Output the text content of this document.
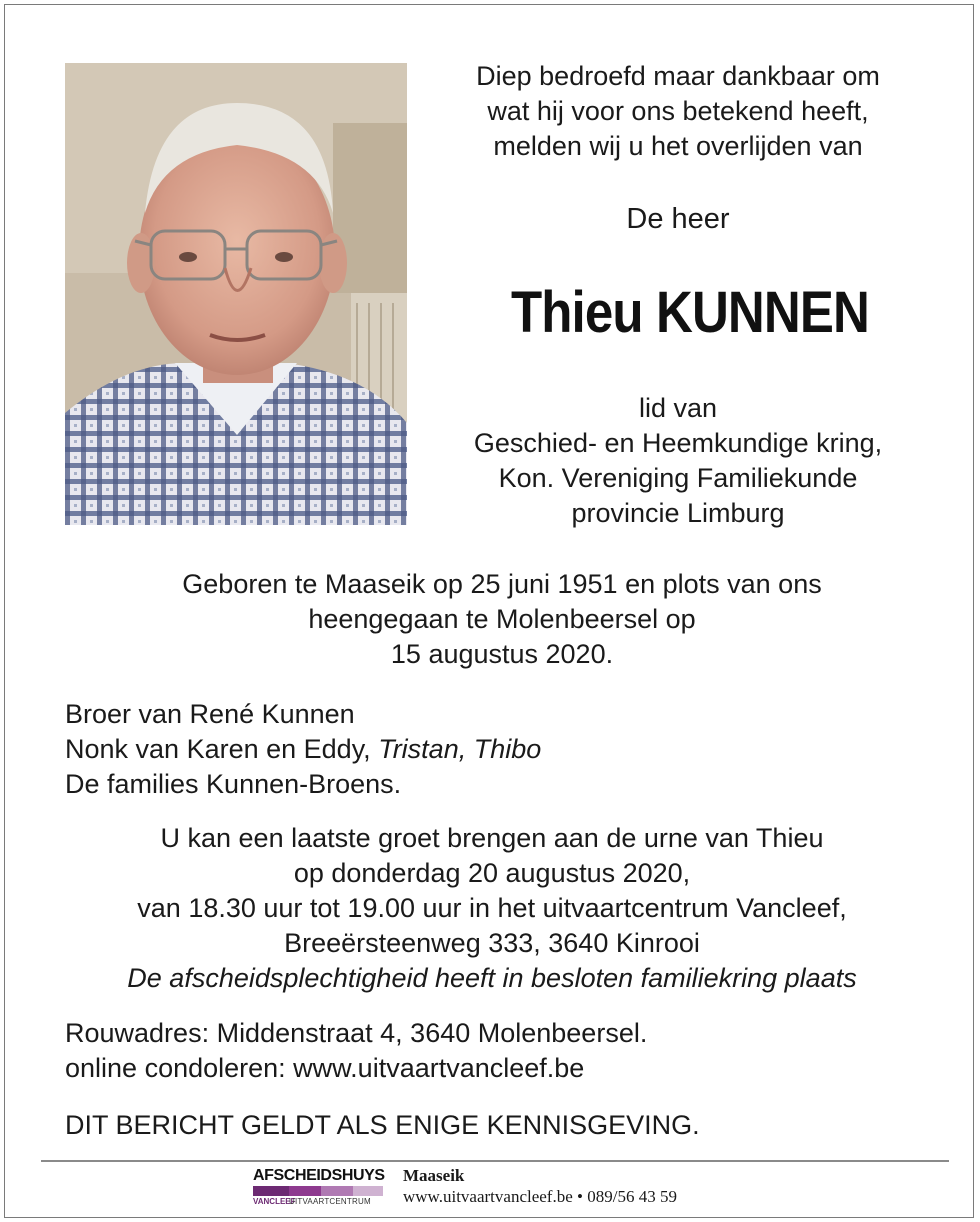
Diep bedroefd maar dankbaar om
wat hij voor ons betekend heeft,
melden wij u het overlijden van
De heer
Thieu KUNNEN
lid van
Geschied- en Heemkundige kring,
Kon. Vereniging Familiekunde
provincie Limburg
Geboren te Maaseik op 25 juni 1951 en plots van ons
heengegaan te Molenbeersel op
15 augustus 2020.
Broer van René Kunnen
Nonk van Karen en Eddy, Tristan, Thibo
De families Kunnen-Broens.
U kan een laatste groet brengen aan de urne van Thieu
op donderdag 20 augustus 2020,
van 18.30 uur tot 19.00 uur in het uitvaartcentrum Vancleef,
Breeërsteenweg 333, 3640 Kinrooi
De afscheidsplechtigheid heeft in besloten familiekring plaats
Rouwadres: Middenstraat 4, 3640 Molenbeersel.
online condoleren: www.uitvaartvancleef.be
DIT BERICHT GELDT ALS ENIGE KENNISGEVING.
AFSCHEIDSHUYS
VANCLEEF
UITVAARTCENTRUM
Maaseik
www.uitvaartvancleef.be • 089/56 43 59
